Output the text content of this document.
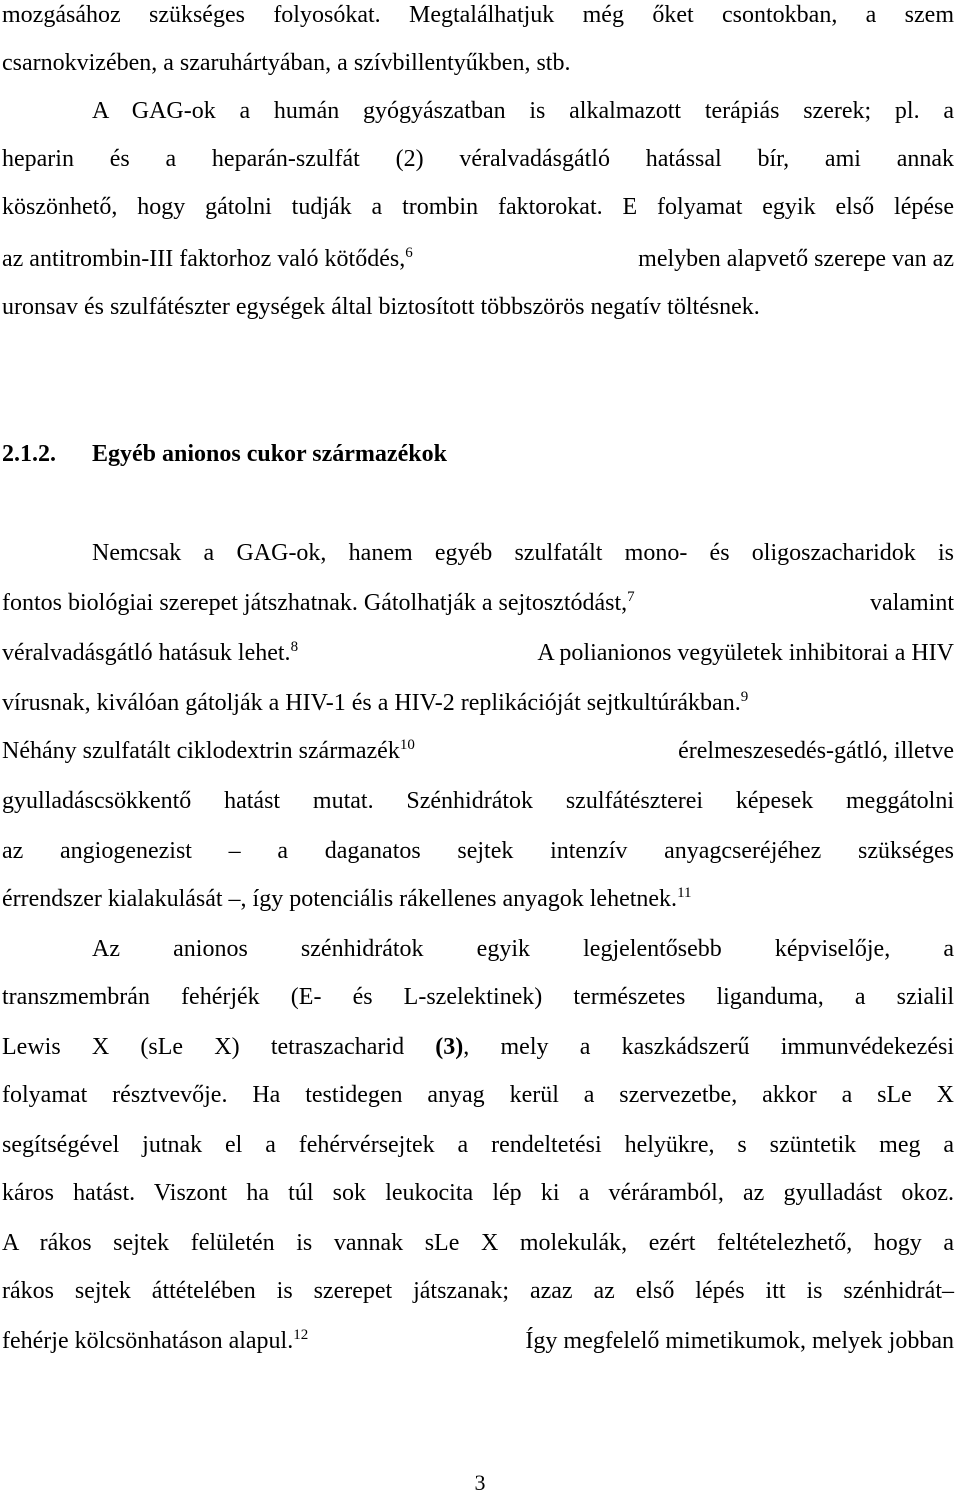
mozgásához szükséges folyosókat. Megtalálhatjuk még őket csontokban, a szem
csarnokvizében, a szaruhártyában, a szívbillentyűkben, stb.
A GAG-ok a humán gyógyászatban is alkalmazott terápiás szerek; pl. a
heparin és a heparán-szulfát (2) véralvadásgátló hatással bír, ami annak
köszönhető, hogy gátolni tudják a trombin faktorokat. E folyamat egyik első lépése
az antitrombin-III faktorhoz való kötődés,$^6$	melyben alapvető szerepe van az
uronsav és szulfátészter egységek által biztosított többszörös negatív töltésnek.
2.1.2. Egyéb anionos cukor származékok
Nemcsak a GAG-ok, hanem egyéb szulfatált mono- és oligoszacharidok is
fontos biológiai szerepet játszhatnak. Gátolhatják a sejtosztódást,$^7$	valamint
véralvadásgátló hatásuk lehet.$^8$	A polianionos vegyületek inhibitorai a HIV
vírusnak, kiválóan gátolják a HIV-1 és a HIV-2 replikációját sejtkultúrákban.$^9$
Néhány szulfatált ciklodextrin származék$^{10}$	érelmeszesedés-gátló, illetve
gyulladáscsökkentő hatást mutat. Szénhidrátok szulfátészterei képesek meggátolni
az angiogenezist – a daganatos sejtek intenzív anyagcseréjéhez szükséges
érrendszer kialakulását –, így potenciális rákellenes anyagok lehetnek.$^{11}$
Az anionos szénhidrátok egyik legjelentősebb képviselője, a
transzmembrán fehérjék (E- és L-szelektinek) természetes liganduma, a szialil
Lewis X (sLe X) tetraszacharid (3), mely a kaszkádszerű immunvédekezési
folyamat résztvevője. Ha testidegen anyag kerül a szervezetbe, akkor a sLe X
segítségével jutnak el a fehérvérsejtek a rendeltetési helyükre, s szüntetik meg a
káros hatást. Viszont ha túl sok leukocita lép ki a véráramból, az gyulladást okoz.
A rákos sejtek felületén is vannak sLe X molekulák, ezért feltételezhető, hogy a
rákos sejtek áttételében is szerepet játszanak; azaz az első lépés itt is szénhidrát–
fehérje kölcsönhatáson alapul.$^{12}$	Így megfelelő mimetikumok, melyek jobban
3
